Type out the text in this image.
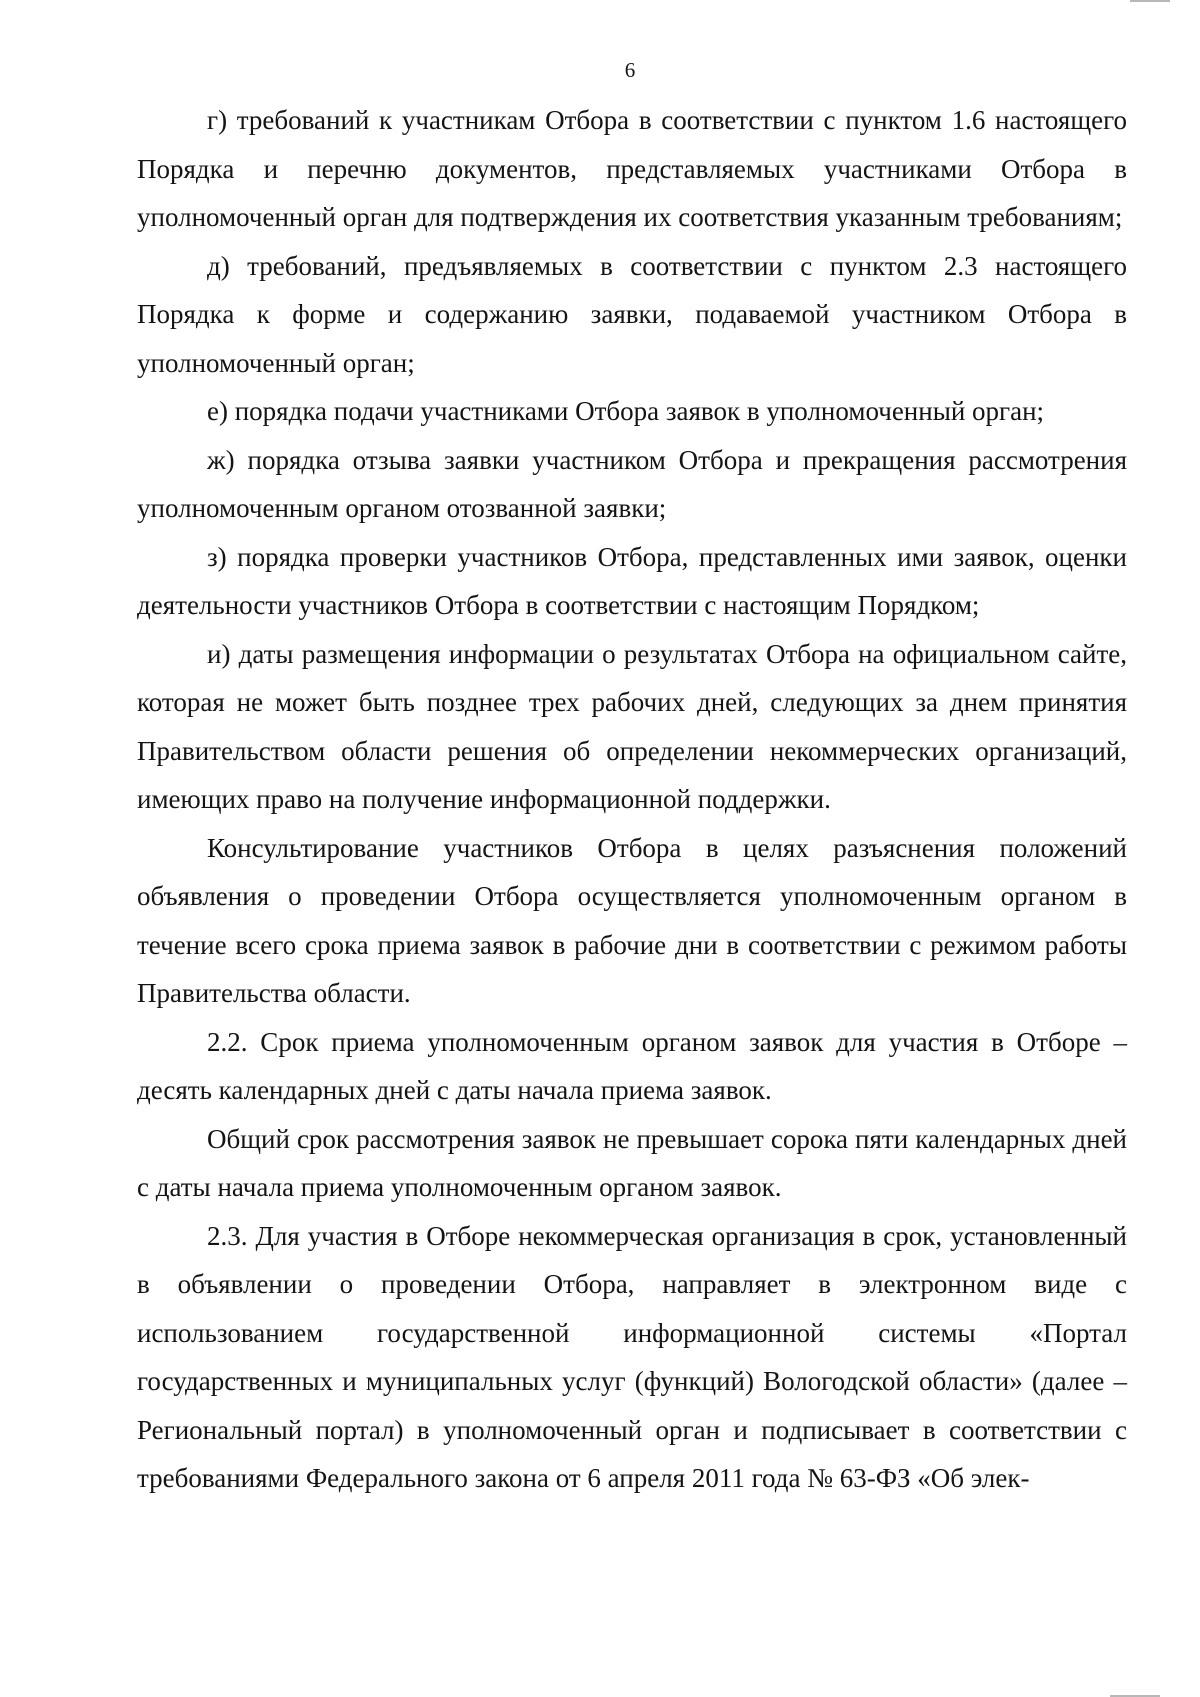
6

г) требований к участникам Отбора в соответствии с пунктом 1.6 настоящего Порядка и перечню документов, представляемых участниками Отбора в уполномоченный орган для подтверждения их соответствия указанным требованиям;

д) требований, предъявляемых в соответствии с пунктом 2.3 настоящего Порядка к форме и содержанию заявки, подаваемой участником Отбора в уполномоченный орган;

е) порядка подачи участниками Отбора заявок в уполномоченный орган;

ж) порядка отзыва заявки участником Отбора и прекращения рассмотрения уполномоченным органом отозванной заявки;

з) порядка проверки участников Отбора, представленных ими заявок, оценки деятельности участников Отбора в соответствии с настоящим Порядком;

и) даты размещения информации о результатах Отбора на официальном сайте, которая не может быть позднее трех рабочих дней, следующих за днем принятия Правительством области решения об определении некоммерческих организаций, имеющих право на получение информационной поддержки.

Консультирование участников Отбора в целях разъяснения положений объявления о проведении Отбора осуществляется уполномоченным органом в течение всего срока приема заявок в рабочие дни в соответствии с режимом работы Правительства области.

2.2. Срок приема уполномоченным органом заявок для участия в Отборе – десять календарных дней с даты начала приема заявок.

Общий срок рассмотрения заявок не превышает сорока пяти календарных дней с даты начала приема уполномоченным органом заявок.

2.3. Для участия в Отборе некоммерческая организация в срок, установленный в объявлении о проведении Отбора, направляет в электронном виде с использованием государственной информационной системы «Портал государственных и муниципальных услуг (функций) Вологодской области» (далее – Региональный портал) в уполномоченный орган и подписывает в соответствии с требованиями Федерального закона от 6 апреля 2011 года № 63-ФЗ «Об элек-
